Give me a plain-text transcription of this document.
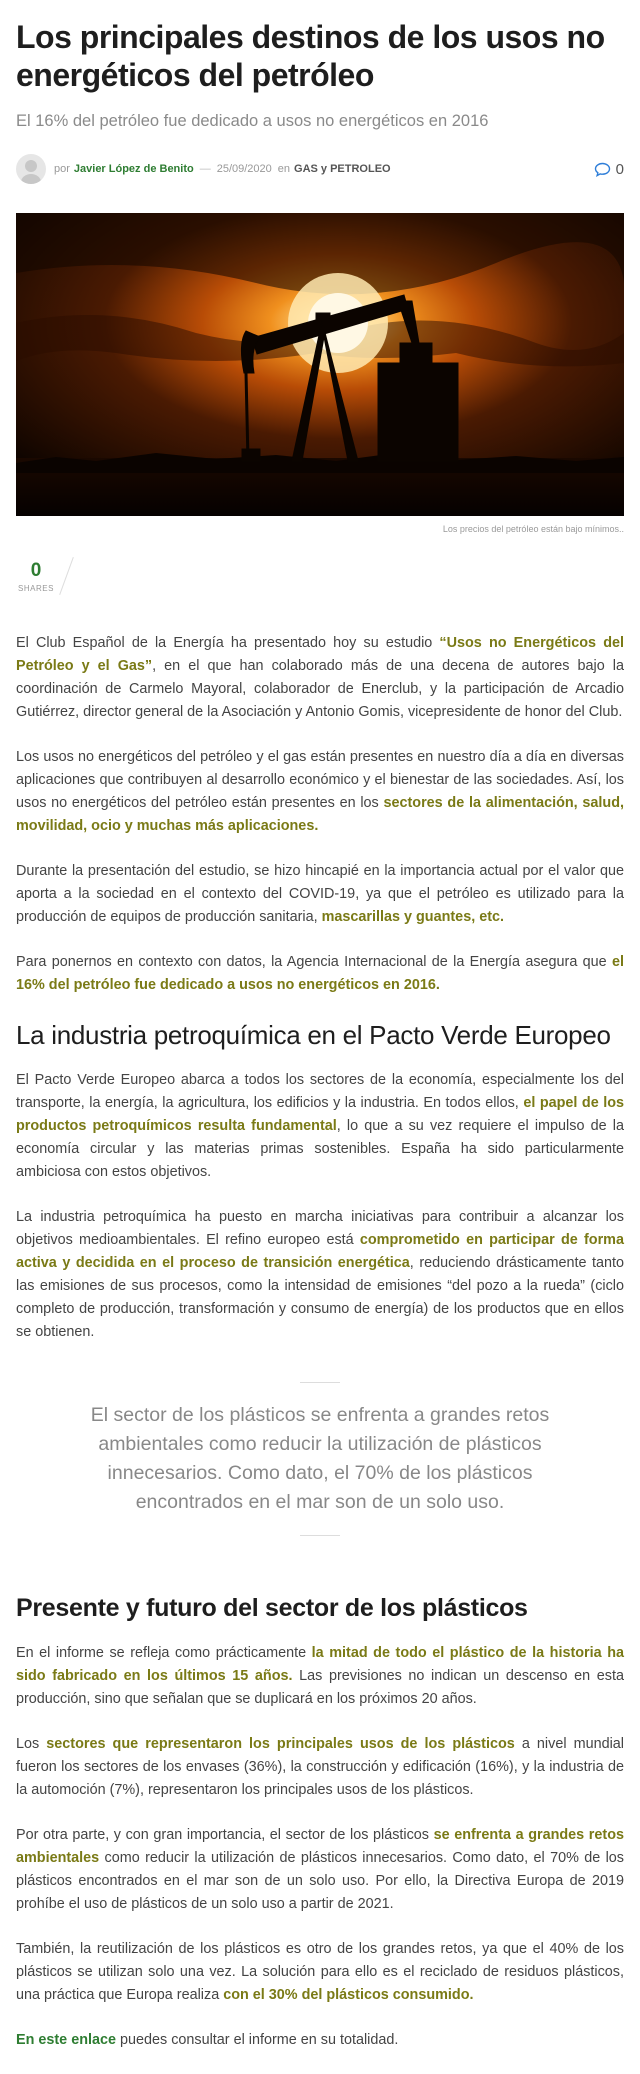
Los principales destinos de los usos no energéticos del petróleo
El 16% del petróleo fue dedicado a usos no energéticos en 2016
por Javier López de Benito — 25/09/2020 en GAS y PETROLEO	0
Los precios del petróleo están bajo mínimos..
0
SHARES

El Club Español de la Energía ha presentado hoy su estudio “Usos no Energéticos del Petróleo y el Gas”, en el que han colaborado más de una decena de autores bajo la coordinación de Carmelo Mayoral, colaborador de Enerclub, y la participación de Arcadio Gutiérrez, director general de la Asociación y Antonio Gomis, vicepresidente de honor del Club.

Los usos no energéticos del petróleo y el gas están presentes en nuestro día a día en diversas aplicaciones que contribuyen al desarrollo económico y el bienestar de las sociedades. Así, los usos no energéticos del petróleo están presentes en los sectores de la alimentación, salud, movilidad, ocio y muchas más aplicaciones.

Durante la presentación del estudio, se hizo hincapié en la importancia actual por el valor que aporta a la sociedad en el contexto del COVID-19, ya que el petróleo es utilizado para la producción de equipos de producción sanitaria, mascarillas y guantes, etc.

Para ponernos en contexto con datos, la Agencia Internacional de la Energía asegura que el 16% del petróleo fue dedicado a usos no energéticos en 2016.

La industria petroquímica en el Pacto Verde Europeo

El Pacto Verde Europeo abarca a todos los sectores de la economía, especialmente los del transporte, la energía, la agricultura, los edificios y la industria. En todos ellos, el papel de los productos petroquímicos resulta fundamental, lo que a su vez requiere el impulso de la economía circular y las materias primas sostenibles. España ha sido particularmente ambiciosa con estos objetivos.

La industria petroquímica ha puesto en marcha iniciativas para contribuir a alcanzar los objetivos medioambientales. El refino europeo está comprometido en participar de forma activa y decidida en el proceso de transición energética, reduciendo drásticamente tanto las emisiones de sus procesos, como la intensidad de emisiones “del pozo a la rueda” (ciclo completo de producción, transformación y consumo de energía) de los productos que en ellos se obtienen.

El sector de los plásticos se enfrenta a grandes retos ambientales como reducir la utilización de plásticos innecesarios. Como dato, el 70% de los plásticos encontrados en el mar son de un solo uso.
Presente y futuro del sector de los plásticos

En el informe se refleja como prácticamente la mitad de todo el plástico de la historia ha sido fabricado en los últimos 15 años. Las previsiones no indican un descenso en esta producción, sino que señalan que se duplicará en los próximos 20 años.

Los sectores que representaron los principales usos de los plásticos a nivel mundial fueron los sectores de los envases (36%), la construcción y edificación (16%), y la industria de la automoción (7%), representaron los principales usos de los plásticos.

Por otra parte, y con gran importancia, el sector de los plásticos se enfrenta a grandes retos ambientales como reducir la utilización de plásticos innecesarios. Como dato, el 70% de los plásticos encontrados en el mar son de un solo uso. Por ello, la Directiva Europa de 2019 prohíbe el uso de plásticos de un solo uso a partir de 2021.

También, la reutilización de los plásticos es otro de los grandes retos, ya que el 40% de los plásticos se utilizan solo una vez. La solución para ello es el reciclado de residuos plásticos, una práctica que Europa realiza con el 30% del plásticos consumido.

En este enlace puedes consultar el informe en su totalidad.
